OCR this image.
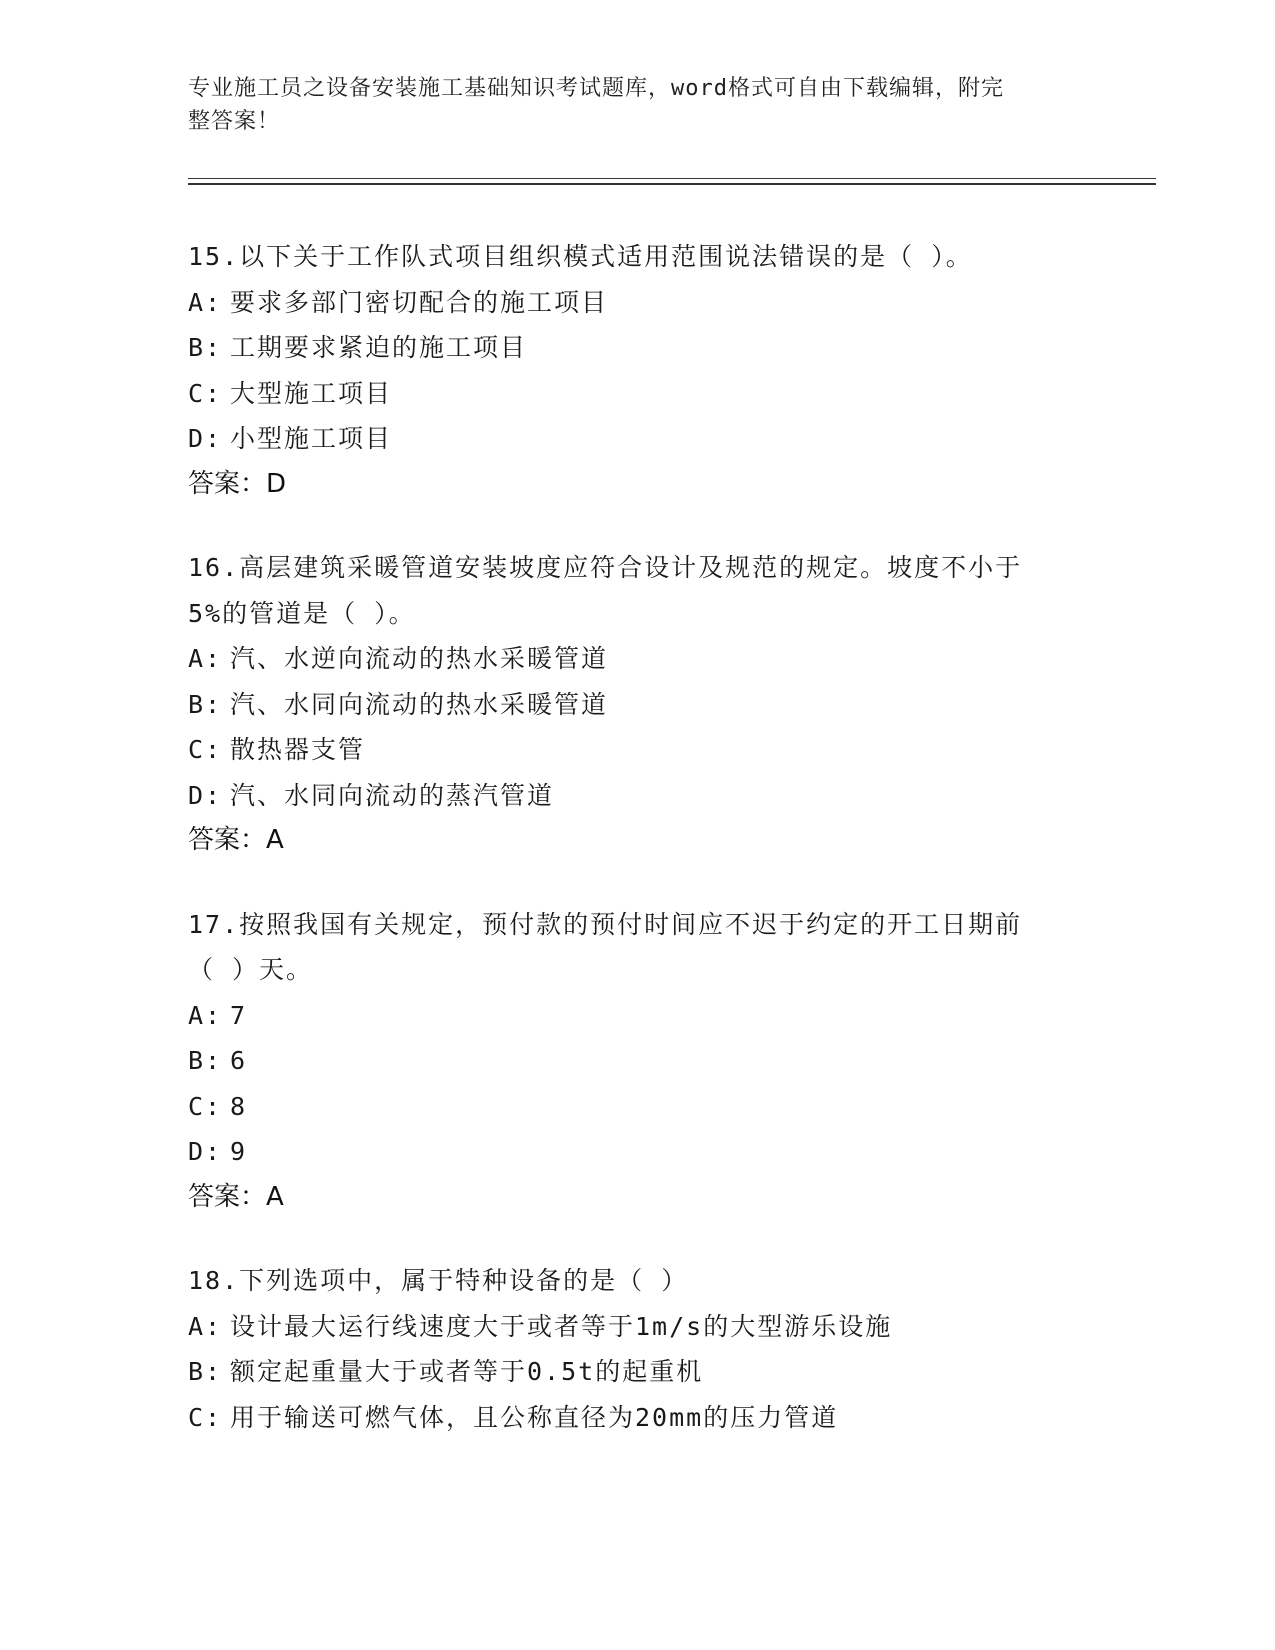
专业施工员之设备安装施工基础知识考试题库，word格式可自由下载编辑，附完
整答案！
15.以下关于工作队式项目组织模式适用范围说法错误的是（ ）。
A: 要求多部门密切配合的施工项目
B: 工期要求紧迫的施工项目
C: 大型施工项目
D: 小型施工项目
答案：D
16.高层建筑采暖管道安装坡度应符合设计及规范的规定。坡度不小于
5%的管道是（ ）。
A: 汽、水逆向流动的热水采暖管道
B: 汽、水同向流动的热水采暖管道
C: 散热器支管
D: 汽、水同向流动的蒸汽管道
答案：A
17.按照我国有关规定，预付款的预付时间应不迟于约定的开工日期前
（ ）天。
A: 7
B: 6
C: 8
D: 9
答案：A
18.下列选项中，属于特种设备的是（ ）
A: 设计最大运行线速度大于或者等于1m/s的大型游乐设施
B: 额定起重量大于或者等于0.5t的起重机
C: 用于输送可燃气体，且公称直径为20mm的压力管道
